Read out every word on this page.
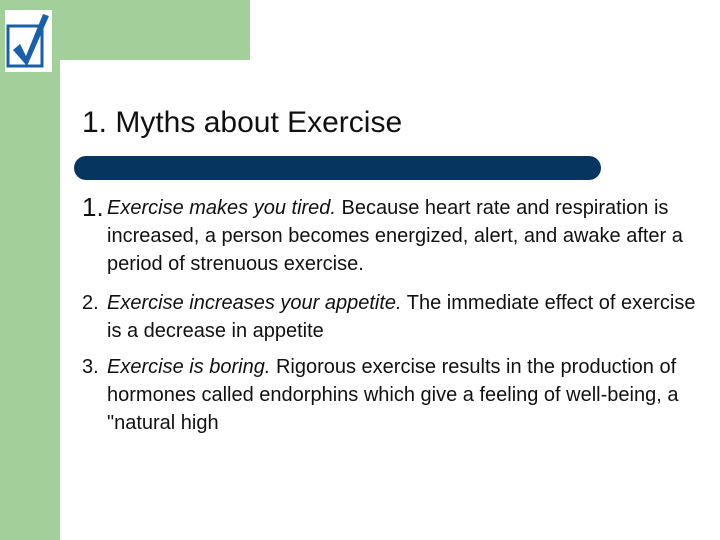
1. Myths about Exercise
1. Exercise makes you tired. Because heart rate and respiration is increased, a person becomes energized, alert, and awake after a period of strenuous exercise.
2. Exercise increases your appetite. The immediate effect of exercise is a decrease in appetite
3. Exercise is boring. Rigorous exercise results in the production of hormones called endorphins which give a feeling of well-being, a "natural high
